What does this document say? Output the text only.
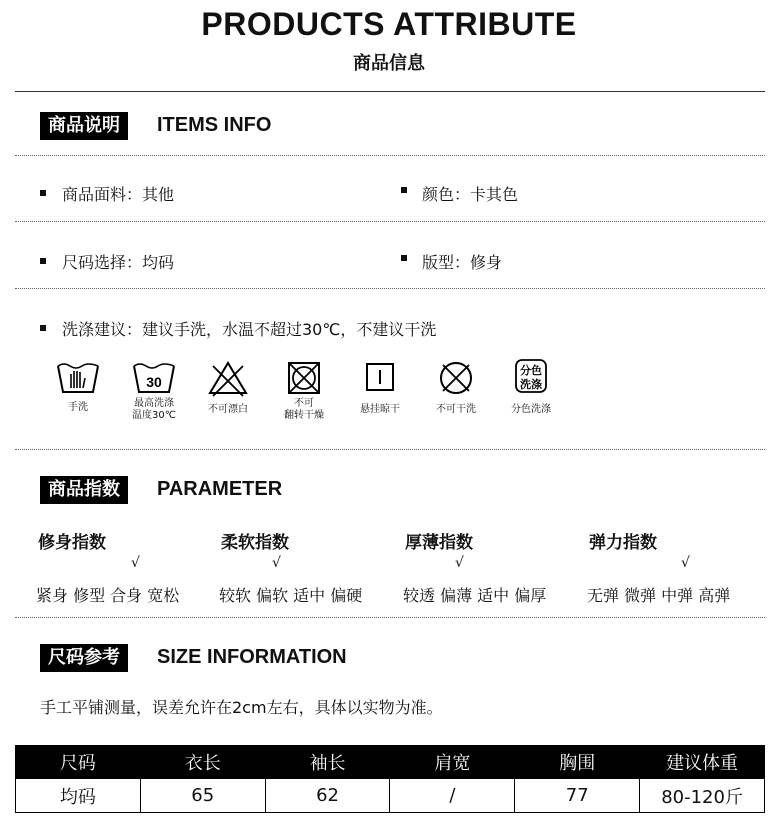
PRODUCTS ATTRIBUTE
商品信息
商品说明	ITEMS INFO
商品面料：其他	颜色：卡其色
尺码选择：均码	版型：修身
洗涤建议：建议手洗，水温不超过30℃，不建议干洗
手洗
30
最高洗涤
温度30℃
不可漂白
不可
翻转干燥
悬挂晾干	不可干洗
分色
洗涤
分色洗涤
商品指数	PARAMETER
修身指数
√
紧身 修型 合身 宽松
柔软指数
√
较软 偏软 适中 偏硬
厚薄指数
√
较透 偏薄 适中 偏厚
弹力指数
√
无弹 微弹 中弹 高弹
尺码参考	SIZE INFORMATION
手工平铺测量，误差允许在2cm左右，具体以实物为准。
尺码	衣长	袖长	肩宽	胸围	建议体重
均码	65	62	/	77	80-120斤
